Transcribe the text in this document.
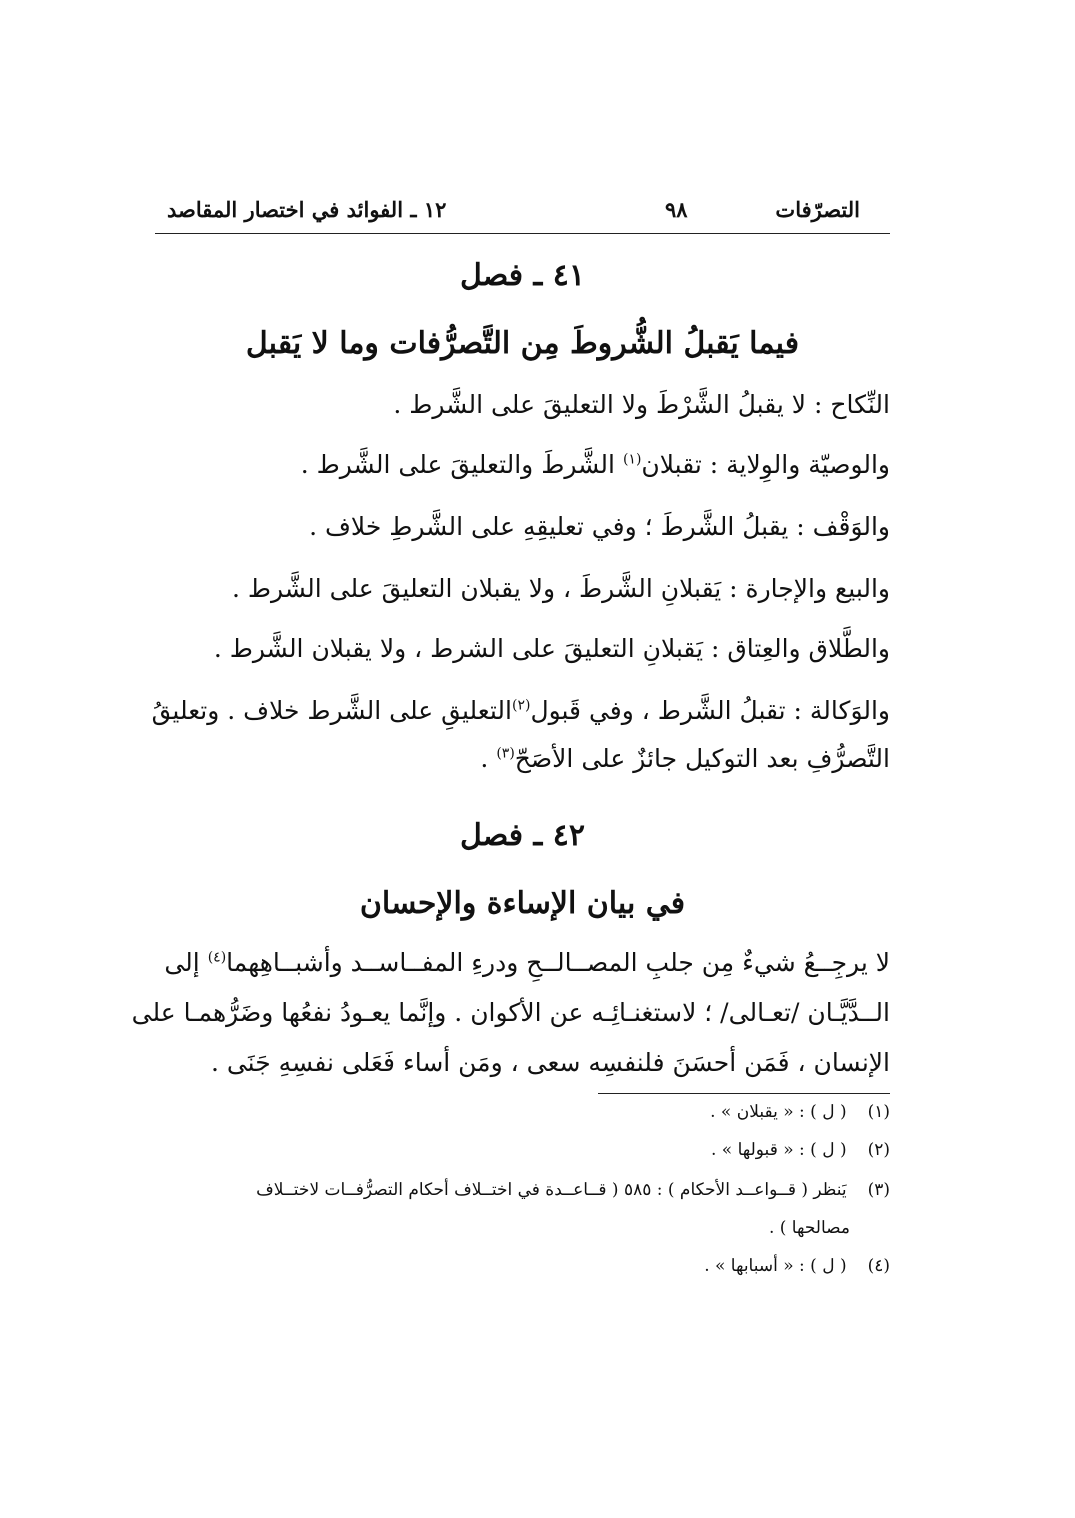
التصرّفات
٩٨
١٢ ـ الفوائد في اختصار المقاصد
٤١ ـ فصل
فيما يَقبلُ الشُّروطَ مِن التَّصرُّفات وما لا يَقبل
النِّكاح : لا يقبلُ الشَّرْطَ ولا التعليقَ على الشَّرط .
والوصيّة والوِلاية : تقبلان$^{(١)}$ الشَّرطَ والتعليقَ على الشَّرط .
والوَقْف : يقبلُ الشَّرطَ ؛ وفي تعليقِهِ على الشَّرطِ خلاف .
والبيع والإجارة : يَقبلانِ الشَّرطَ ، ولا يقبلان التعليقَ على الشَّرط .
والطَّلاق والعِتاق : يَقبلانِ التعليقَ على الشرط ، ولا يقبلان الشَّرط .
والوَكالة : تقبلُ الشَّرط ، وفي قَبول$^{(٢)}$التعليقِ على الشَّرط خلاف . وتعليقُ
التَّصرُّفِ بعد التوكيل جائزٌ على الأصَحّ$^{(٣)}$ .
٤٢ ـ فصل
في بيان الإساءة والإحسان
لا يرجِــعُ شيءٌ مِن جلبِ المصــالــحِ ودرءِ المفــاســد وأشبــاهِهما$^{(٤)}$ إلى
الــدَّيَّـان /تعـالى/ ؛ لاستغنـائِـه عن الأكوان . وإنَّما يعـودُ نفعُها وضَرُّهمـا على
الإنسان ، فَمَن أحسَنَ فلنفسِه سعى ، ومَن أساء فَعَلى نفسِهِ جَنَى .
(١) ( ل ) : « يقبلان » .
(٢) ( ل ) : « قبولها » .
(٣) يَنظر ( قــواعــد الأحكام ) : ٥٨٥ ( قــاعــدة في اختــلاف أحكام التصرُّفــات لاختــلاف
مصالحها ) .
(٤) ( ل ) : « أسبابها » .
